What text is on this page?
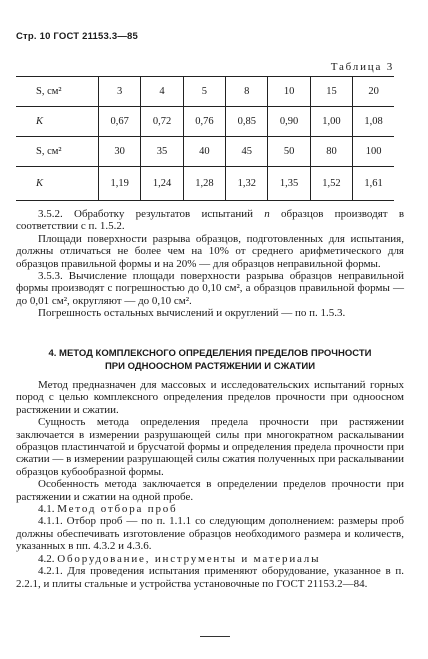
Стр. 10 ГОСТ 21153.3—85
Таблица 3
S, см²	3	4	5	8	10	15	20
K	0,67	0,72	0,76	0,85	0,90	1,00	1,08
S, см²	30	35	40	45	50	80	100
K	1,19	1,24	1,28	1,32	1,35	1,52	1,61

3.5.2. Обработку результатов испытаний n образцов производят в соответствии с п. 1.5.2.

Площади поверхности разрыва образцов, подготовленных для испытания, должны отличаться не более чем на 10% от среднего арифметического для образцов правильной формы и на 20% — для образцов неправильной формы.

3.5.3. Вычисление площади поверхности разрыва образцов неправильной формы производят с погрешностью до 0,10 см², а образцов правильной формы — до 0,01 см², округляют — до 0,10 см².

Погрешность остальных вычислений и округлений — по п. 1.5.3.

4. МЕТОД КОМПЛЕКСНОГО ОПРЕДЕЛЕНИЯ ПРЕДЕЛОВ ПРОЧНОСТИ
ПРИ ОДНООСНОМ РАСТЯЖЕНИИ И СЖАТИИ

Метод предназначен для массовых и исследовательских испытаний горных пород с целью комплексного определения пределов прочности при одноосном растяжении и сжатии.

Сущность метода определения предела прочности при растяжении заключается в измерении разрушающей силы при многократном раскалывании образцов пластинчатой и брусчатой формы и определения предела прочности при сжатии — в измерении разрушающей силы сжатия полученных при раскалывании образцов кубообразной формы.

Особенность метода заключается в определении пределов прочности при растяжении и сжатии на одной пробе.

4.1. Метод отбора проб

4.1.1. Отбор проб — по п. 1.1.1 со следующим дополнением: размеры проб должны обеспечивать изготовление образцов необходимого размера и количеств, указанных в пп. 4.3.2 и 4.3.6.

4.2. Оборудование, инструменты и материалы

4.2.1. Для проведения испытания применяют оборудование, указанное в п. 2.2.1, и плиты стальные и устройства установочные по ГОСТ 21153.2—84.
